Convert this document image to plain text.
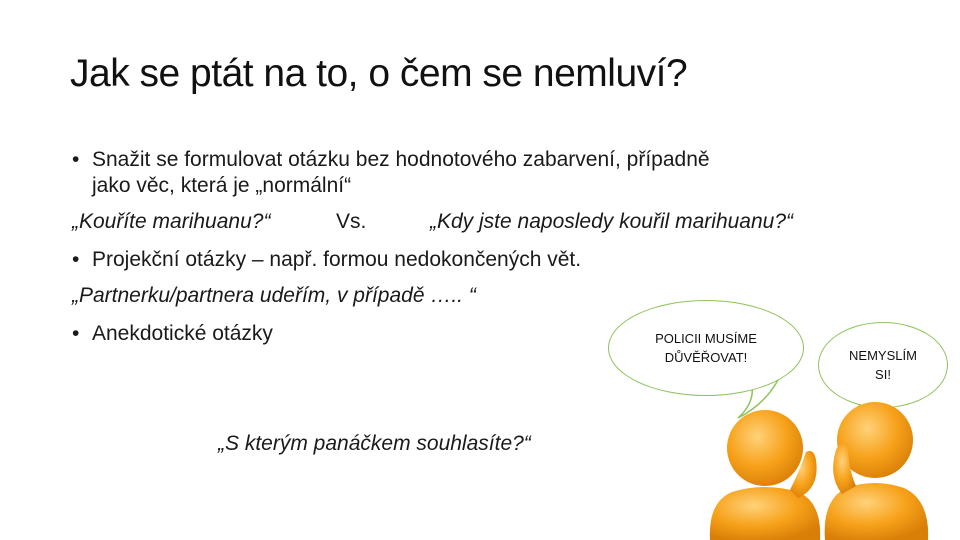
Jak se ptát na to, o čem se nemluví?
• Snažit se formulovat otázku bez hodnotového zabarvení, případně
jako věc, která je „normální“
„Kouříte marihuanu?“	Vs.	„Kdy jste naposledy kouřil marihuanu?“
• Projekční otázky – např. formou nedokončených vět.
„Partnerku/partnera udeřím, v případě ….. “
• Anekdotické otázky
„S kterým panáčkem souhlasíte?“
POLICII MUSÍME
DŮVĚŘOVAT!	NEMYSLÍM
SI!
